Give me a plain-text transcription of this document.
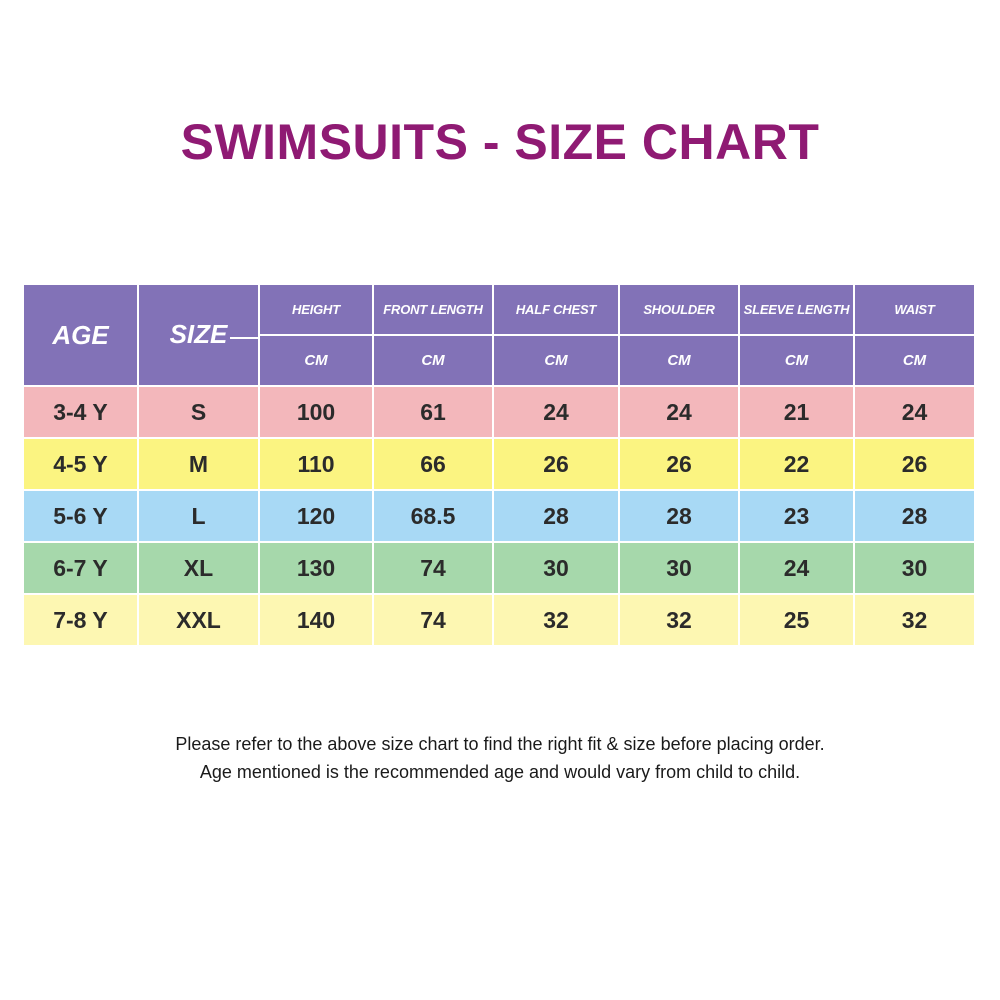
SWIMSUITS - SIZE CHART
AGE	SIZE	HEIGHT	FRONT LENGTH	HALF CHEST	SHOULDER	SLEEVE LENGTH	WAIST
		CM	CM	CM	CM	CM	CM
3-4 Y	S	100	61	24	24	21	24
4-5 Y	M	110	66	26	26	22	26
5-6 Y	L	120	68.5	28	28	23	28
6-7 Y	XL	130	74	30	30	24	30
7-8 Y	XXL	140	74	32	32	25	32
Please refer to the above size chart to find the right fit & size before placing order.
Age mentioned is the recommended age and would vary from child to child.
